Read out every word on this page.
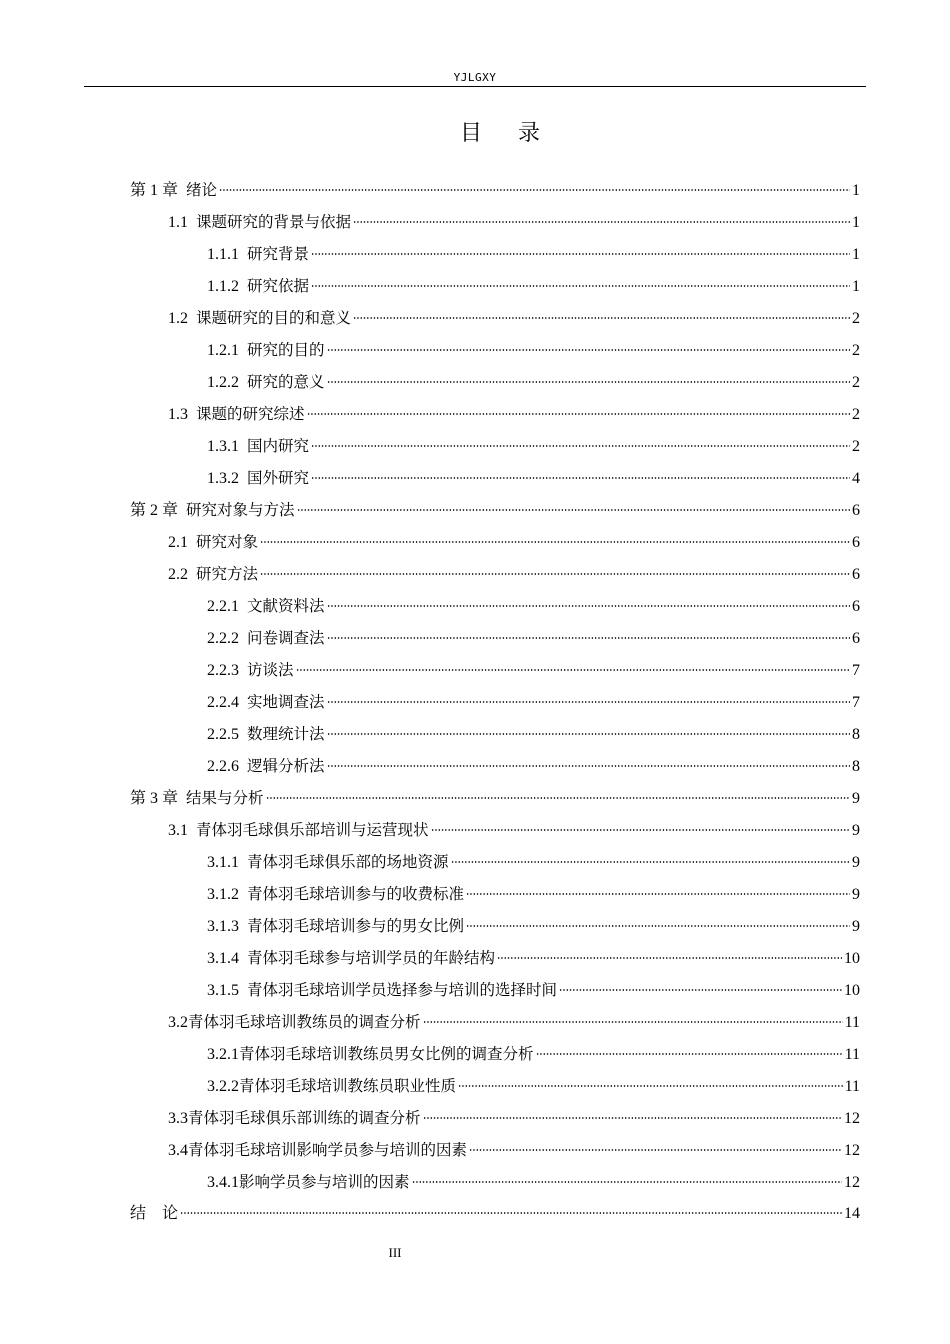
YJLGXY
目 录
第 1 章 绪论	1
1.1 课题研究的背景与依据	1
1.1.1 研究背景	1
1.1.2 研究依据	1
1.2 课题研究的目的和意义	2
1.2.1 研究的目的	2
1.2.2 研究的意义	2
1.3 课题的研究综述	2
1.3.1 国内研究	2
1.3.2 国外研究	4
第 2 章 研究对象与方法	6
2.1 研究对象	6
2.2 研究方法	6
2.2.1 文献资料法	6
2.2.2 问卷调查法	6
2.2.3 访谈法	7
2.2.4 实地调查法	7
2.2.5 数理统计法	8
2.2.6 逻辑分析法	8
第 3 章 结果与分析	9
3.1 青体羽毛球俱乐部培训与运营现状	9
3.1.1 青体羽毛球俱乐部的场地资源	9
3.1.2 青体羽毛球培训参与的收费标准	9
3.1.3 青体羽毛球培训参与的男女比例	9
3.1.4 青体羽毛球参与培训学员的年龄结构	10
3.1.5 青体羽毛球培训学员选择参与培训的选择时间	10
3.2 青体羽毛球培训教练员的调查分析	11
3.2.1 青体羽毛球培训教练员男女比例的调查分析	11
3.2.2 青体羽毛球培训教练员职业性质	11
3.3 青体羽毛球俱乐部训练的调查分析	12
3.4 青体羽毛球培训影响学员参与培训的因素	12
3.4.1 影响学员参与培训的因素	12
结　论	14
III
